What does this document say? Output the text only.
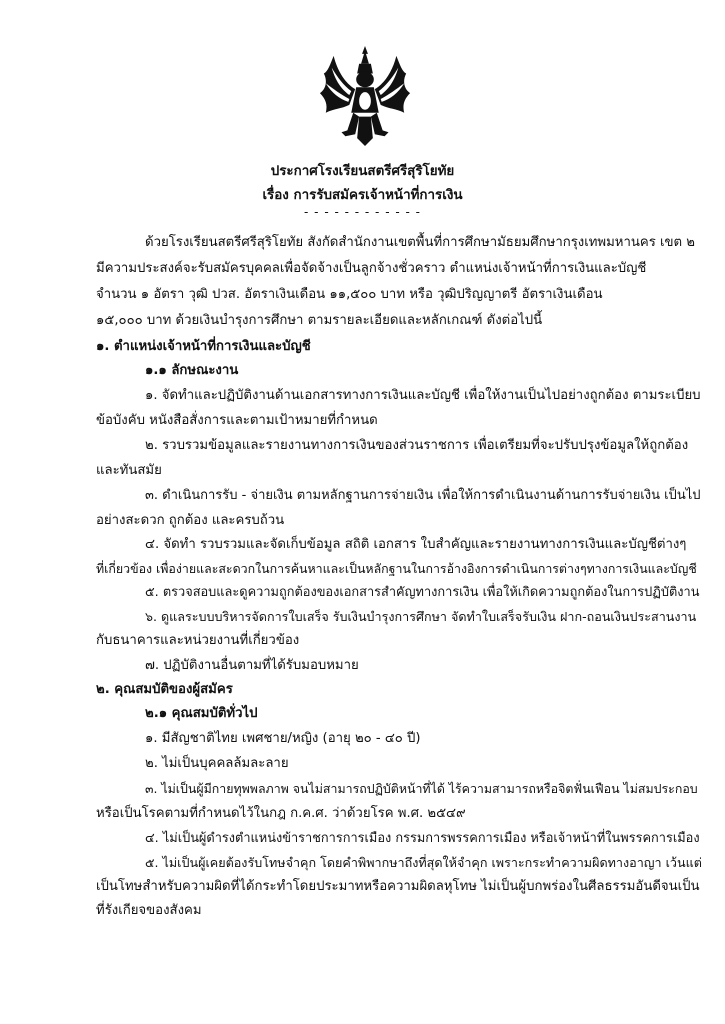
ประกาศโรงเรียนสตรีศรีสุริโยทัย
เรื่อง การรับสมัครเจ้าหน้าที่การเงิน
- - - - - - - - - - - -
ด้วยโรงเรียนสตรีศรีสุริโยทัย สังกัดสำนักงานเขตพื้นที่การศึกษามัธยมศึกษากรุงเทพมหานคร เขต ๒
มีความประสงค์จะรับสมัครบุคคลเพื่อจัดจ้างเป็นลูกจ้างชั่วคราว ตำแหน่งเจ้าหน้าที่การเงินและบัญชี
จำนวน ๑ อัตรา วุฒิ ปวส. อัตราเงินเดือน ๑๑,๕๐๐ บาท หรือ วุฒิปริญญาตรี อัตราเงินเดือน
๑๕,๐๐๐ บาท ด้วยเงินบำรุงการศึกษา ตามรายละเอียดและหลักเกณฑ์ ดังต่อไปนี้
๑. ตำแหน่งเจ้าหน้าที่การเงินและบัญชี
๑.๑ ลักษณะงาน
๑. จัดทำและปฏิบัติงานด้านเอกสารทางการเงินและบัญชี เพื่อให้งานเป็นไปอย่างถูกต้อง ตามระเบียบ
ข้อบังคับ หนังสือสั่งการและตามเป้าหมายที่กำหนด
๒. รวบรวมข้อมูลและรายงานทางการเงินของส่วนราชการ เพื่อเตรียมที่จะปรับปรุงข้อมูลให้ถูกต้อง
และทันสมัย
๓. ดำเนินการรับ - จ่ายเงิน ตามหลักฐานการจ่ายเงิน เพื่อให้การดำเนินงานด้านการรับจ่ายเงิน เป็นไป
อย่างสะดวก ถูกต้อง และครบถ้วน
๔. จัดทำ รวบรวมและจัดเก็บข้อมูล สถิติ เอกสาร ใบสำคัญและรายงานทางการเงินและบัญชีต่างๆ
ที่เกี่ยวข้อง เพื่อง่ายและสะดวกในการค้นหาและเป็นหลักฐานในการอ้างอิงการดำเนินการต่างๆทางการเงินและบัญชี
๕. ตรวจสอบและดูความถูกต้องของเอกสารสำคัญทางการเงิน เพื่อให้เกิดความถูกต้องในการปฏิบัติงาน
๖. ดูแลระบบบริหารจัดการใบเสร็จ รับเงินบำรุงการศึกษา จัดทำใบเสร็จรับเงิน ฝาก-ถอนเงินประสานงาน
กับธนาคารและหน่วยงานที่เกี่ยวข้อง
๗. ปฏิบัติงานอื่นตามที่ได้รับมอบหมาย
๒. คุณสมบัติของผู้สมัคร
๒.๑ คุณสมบัติทั่วไป
๑. มีสัญชาติไทย เพศชาย/หญิง (อายุ ๒๐ - ๔๐ ปี)
๒. ไม่เป็นบุคคลล้มละลาย
๓. ไม่เป็นผู้มีกายทุพพลภาพ จนไม่สามารถปฏิบัติหน้าที่ได้ ไร้ความสามารถหรือจิตฟั่นเฟือน ไม่สมประกอบ
หรือเป็นโรคตามที่กำหนดไว้ในกฎ ก.ค.ศ. ว่าด้วยโรค พ.ศ. ๒๕๔๙
๔. ไม่เป็นผู้ดำรงตำแหน่งข้าราชการการเมือง กรรมการพรรคการเมือง หรือเจ้าหน้าที่ในพรรคการเมือง
๕. ไม่เป็นผู้เคยต้องรับโทษจำคุก โดยคำพิพากษาถึงที่สุดให้จำคุก เพราะกระทำความผิดทางอาญา เว้นแต่
เป็นโทษสำหรับความผิดที่ได้กระทำโดยประมาทหรือความผิดลหุโทษ ไม่เป็นผู้บกพร่องในศีลธรรมอันดีจนเป็น
ที่รังเกียจของสังคม
